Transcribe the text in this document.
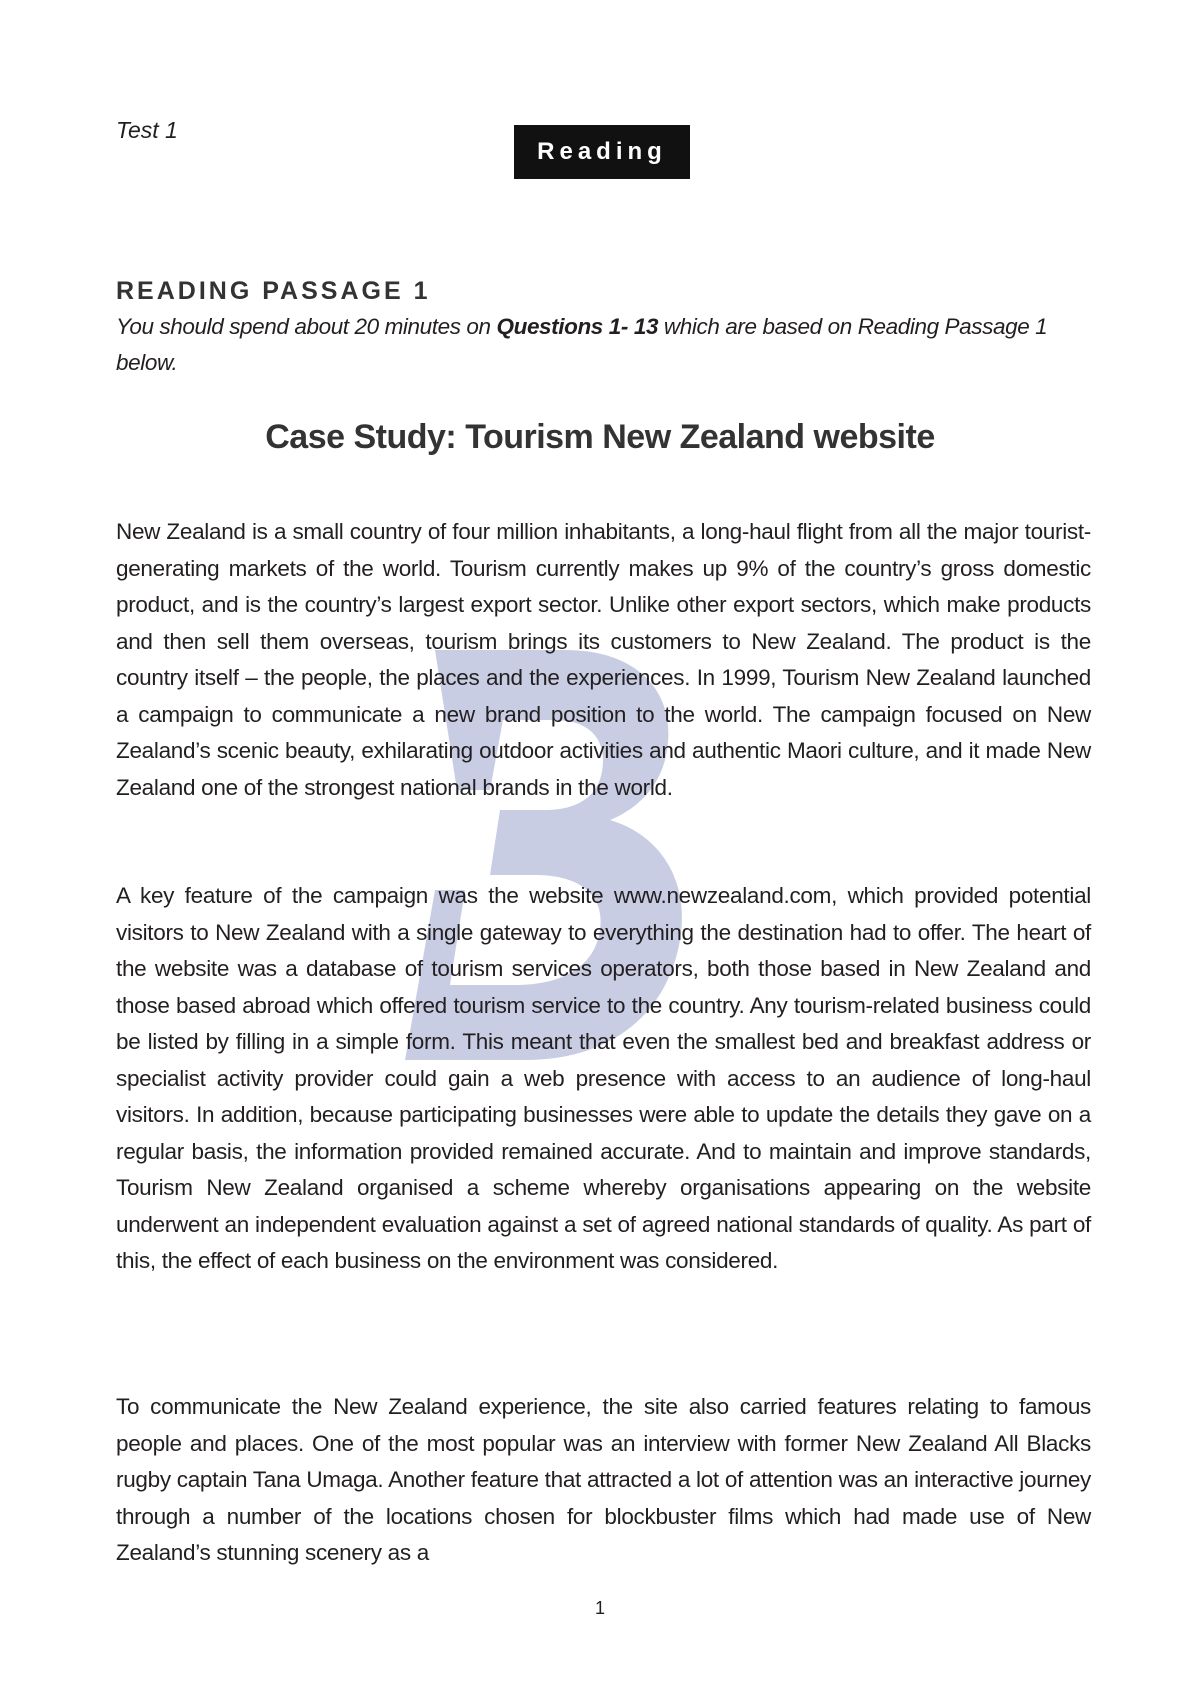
Test 1
Reading
READING PASSAGE 1
You should spend about 20 minutes on Questions 1- 13 which are based on Reading Passage 1 below.
Case Study: Tourism New Zealand website

New Zealand is a small country of four million inhabitants, a long-haul flight from all the major tourist-generating markets of the world. Tourism currently makes up 9% of the country’s gross domestic product, and is the country’s largest export sector. Unlike other export sectors, which make products and then sell them overseas, tourism brings its customers to New Zealand. The product is the country itself – the people, the places and the experiences. In 1999, Tourism New Zealand launched a campaign to communicate a new brand position to the world. The campaign focused on New Zealand’s scenic beauty, exhilarating outdoor activities and authentic Maori culture, and it made New Zealand one of the strongest national brands in the world.

A key feature of the campaign was the website www.newzealand.com, which provided potential visitors to New Zealand with a single gateway to everything the destination had to offer. The heart of the website was a database of tourism services operators, both those based in New Zealand and those based abroad which offered tourism service to the country. Any tourism-related business could be listed by filling in a simple form. This meant that even the smallest bed and breakfast address or specialist activity provider could gain a web presence with access to an audience of long-haul visitors. In addition, because participating businesses were able to update the details they gave on a regular basis, the information provided remained accurate. And to maintain and improve standards, Tourism New Zealand organised a scheme whereby organisations appearing on the website underwent an independent evaluation against a set of agreed national standards of quality. As part of this, the effect of each business on the environment was considered.

To communicate the New Zealand experience, the site also carried features relating to famous people and places. One of the most popular was an interview with former New Zealand All Blacks rugby captain Tana Umaga. Another feature that attracted a lot of attention was an interactive journey through a number of the locations chosen for blockbuster films which had made use of New Zealand’s stunning scenery as a

1
